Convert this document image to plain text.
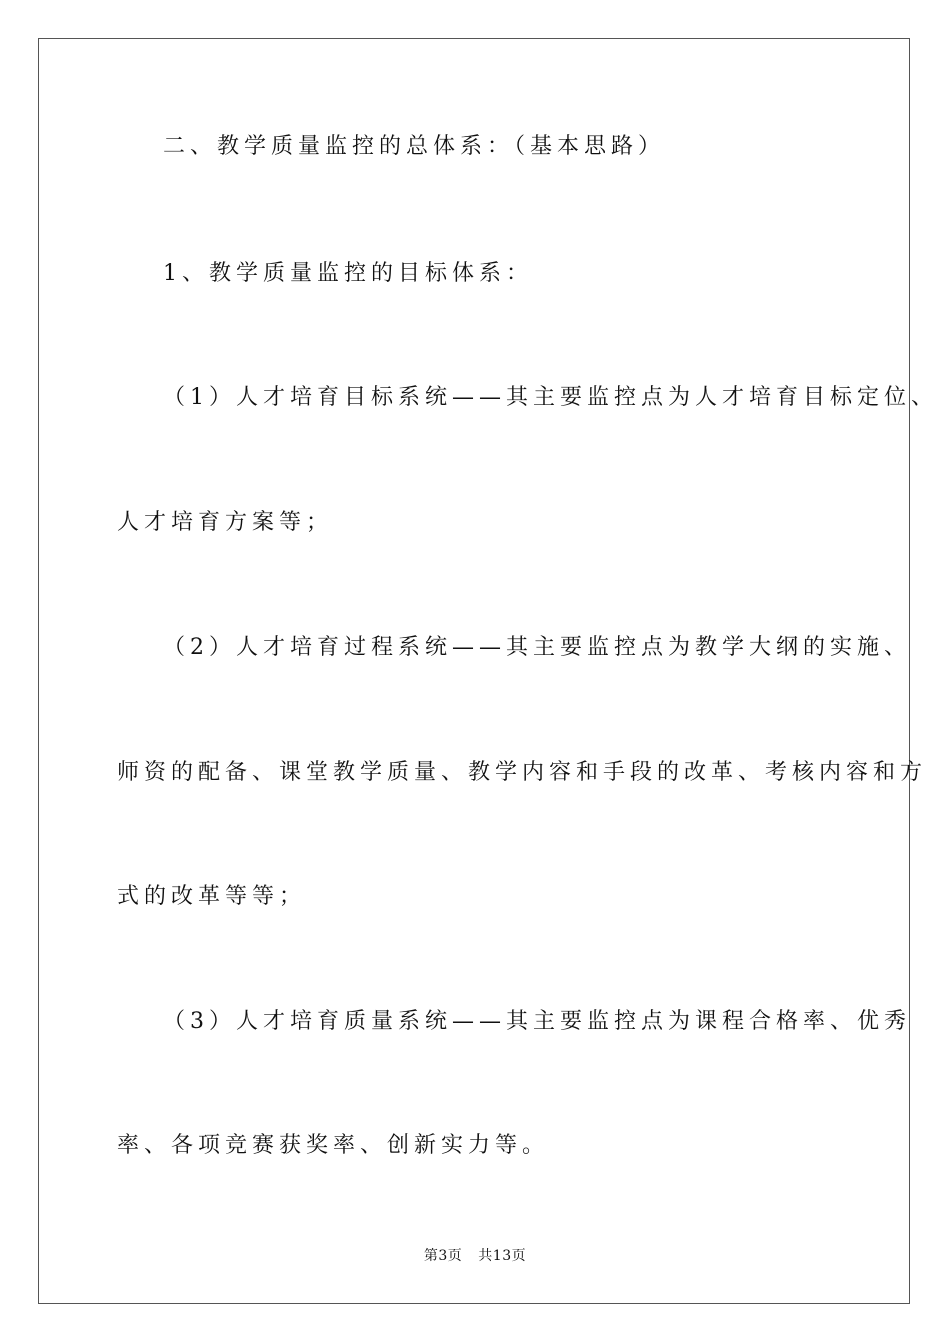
二、教学质量监控的总体系：（基本思路）
1、教学质量监控的目标体系：
（1）人才培育目标系统——其主要监控点为人才培育目标定位、
人才培育方案等；
（2）人才培育过程系统——其主要监控点为教学大纲的实施、
师资的配备、课堂教学质量、教学内容和手段的改革、考核内容和方
式的改革等等；
（3）人才培育质量系统——其主要监控点为课程合格率、优秀
率、各项竞赛获奖率、创新实力等。
第3页 共13页
